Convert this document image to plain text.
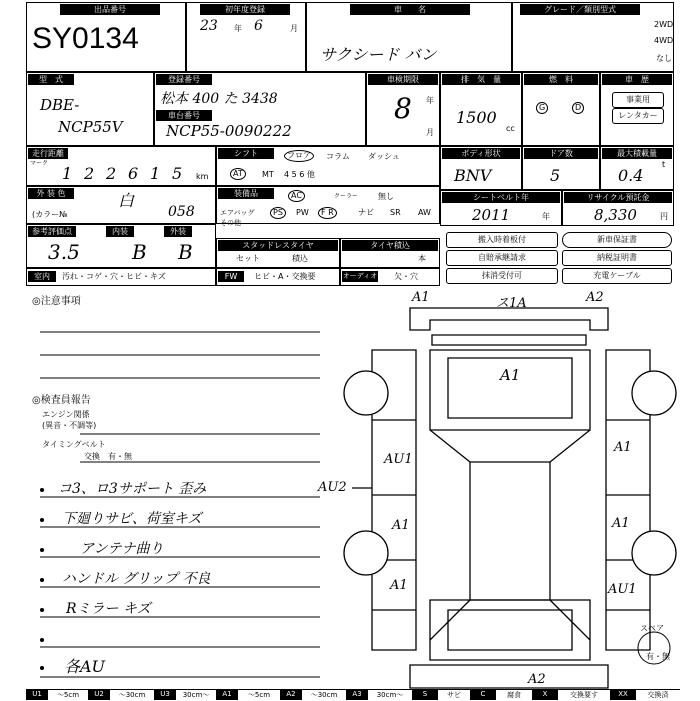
出品番号
SY0134
初年度登録
23 年 6	月
車　　名
サクシード バン
グレード／類別型式
2WD
4WD
なし
型　式
DBE-
NCP55V
登録番号
松本 400 た 3438
車台番号
NCP55-0090222
車検期限
8 年
月
排　気　量
1500
cc
燃　料
G	D
車　歴
事業用
レンタカー
走行距離
マーク
1 2 2 6 1 5 km
シフト	フロア	コラム ダッシュ
AT	MT 4 5 6 他
ボディ形状
BNV
ドア数
5
最大積載量
0.4
t
外 装 色	白
(カラー№	058
装備品	AC	クーラー 無し
エアバッグ	PS	PW	F R	ナビ SR AW
その他
シートベルト年
2011	年
リサイクル預託金
8,330	円
参考評価点
3.5
内装
B
外装
B	スタッドレスタイヤ
セット	積込
タイヤ積込
本
搬入時着板付	新車保証書
自賠承継請求	納税証明書
抹消受付可	充電ケーブル
室内	汚れ・コゲ・穴・ヒビ・キズ	FW	ヒビ・A・交換要	オーディオ 欠・穴
◎注意事項
◎検査員報告
エンジン関係
(異音・不調等)
タイミングベルト
交換　有・無
コ3、ロ3サポート 歪み
下廻りサビ、荷室キズ
アンテナ曲り
ハンドル グリップ 不良
Rミラー キズ
各AU
A1	ス1A	A2
A1
AU1
AU2
A1
A1
A1
A1
AU1
A2
スペア
有・無
U1	～5cm	U2	～30cm	U3	30cm～	A1	～5cm	A2	～30cm	A3	30cm～	S	サビ	C	腐食	X	交換要す	XX	交換済
